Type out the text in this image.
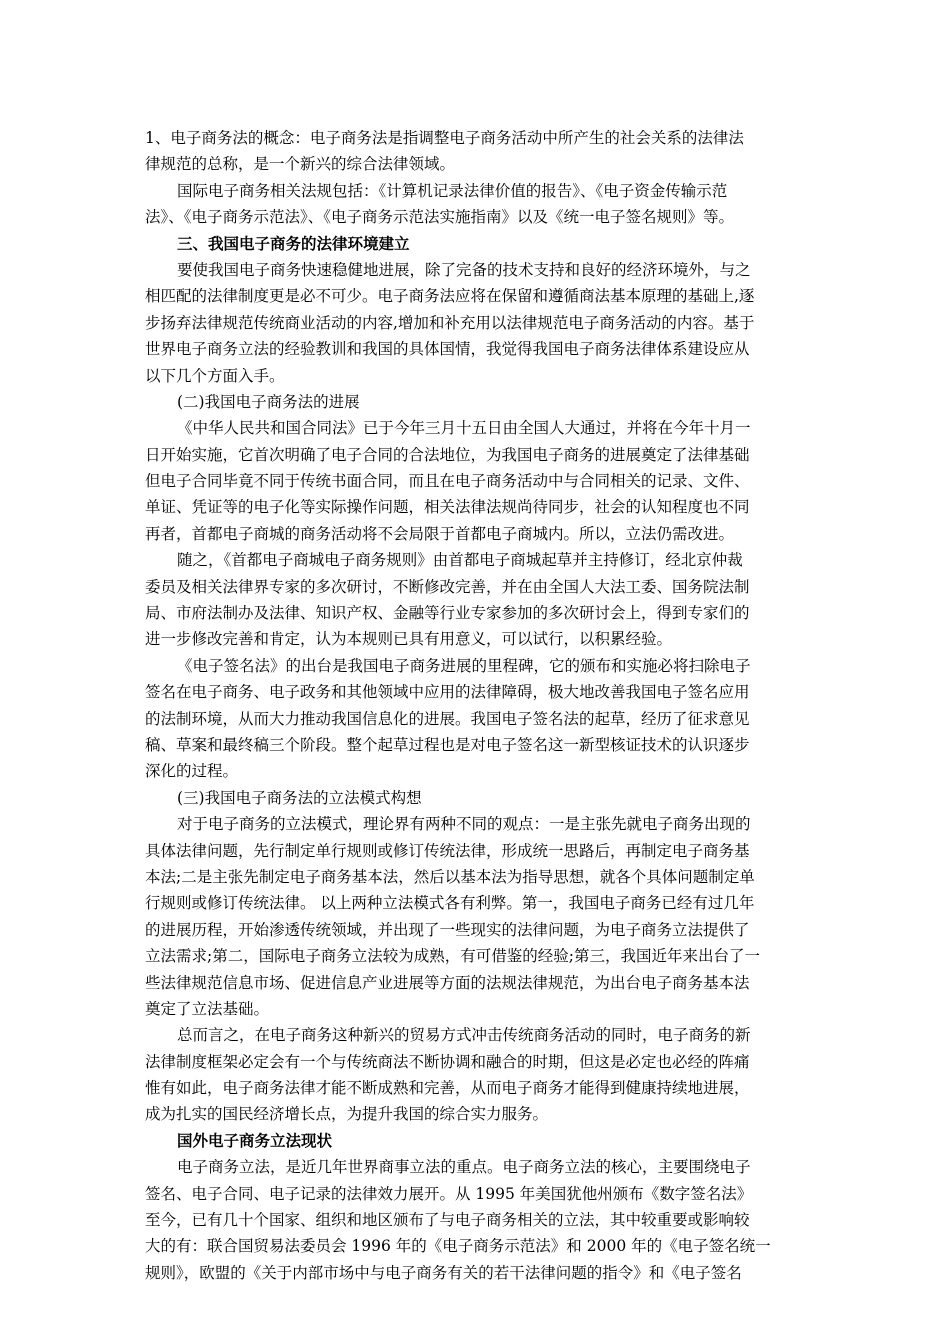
1、电子商务法的概念：电子商务法是指调整电子商务活动中所产生的社会关系的法律法
律规范的总称，是一个新兴的综合法律领域。
国际电子商务相关法规包括：《计算机记录法律价值的报告》、《电子资金传输示范
法》、《电子商务示范法》、《电子商务示范法实施指南》以及《统一电子签名规则》等。
三、我国电子商务的法律环境建立
要使我国电子商务快速稳健地进展，除了完备的技术支持和良好的经济环境外，与之
相匹配的法律制度更是必不可少。电子商务法应将在保留和遵循商法基本原理的基础上,逐
步扬弃法律规范传统商业活动的内容,增加和补充用以法律规范电子商务活动的内容。基于
世界电子商务立法的经验教训和我国的具体国情，我觉得我国电子商务法律体系建设应从
以下几个方面入手。
(二)我国电子商务法的进展
《中华人民共和国合同法》已于今年三月十五日由全国人大通过，并将在今年十月一
日开始实施，它首次明确了电子合同的合法地位，为我国电子商务的进展奠定了法律基础
但电子合同毕竟不同于传统书面合同，而且在电子商务活动中与合同相关的记录、文件、
单证、凭证等的电子化等实际操作问题，相关法律法规尚待同步，社会的认知程度也不同
再者，首都电子商城的商务活动将不会局限于首都电子商城内。所以，立法仍需改进。
随之，《首都电子商城电子商务规则》由首都电子商城起草并主持修订，经北京仲裁
委员及相关法律界专家的多次研讨，不断修改完善，并在由全国人大法工委、国务院法制
局、市府法制办及法律、知识产权、金融等行业专家参加的多次研讨会上，得到专家们的
进一步修改完善和肯定，认为本规则已具有用意义，可以试行，以积累经验。
《电子签名法》的出台是我国电子商务进展的里程碑，它的颁布和实施必将扫除电子
签名在电子商务、电子政务和其他领域中应用的法律障碍，极大地改善我国电子签名应用
的法制环境，从而大力推动我国信息化的进展。我国电子签名法的起草，经历了征求意见
稿、草案和最终稿三个阶段。整个起草过程也是对电子签名这一新型核证技术的认识逐步
深化的过程。
(三)我国电子商务法的立法模式构想
对于电子商务的立法模式，理论界有两种不同的观点：一是主张先就电子商务出现的
具体法律问题，先行制定单行规则或修订传统法律，形成统一思路后，再制定电子商务基
本法;二是主张先制定电子商务基本法，然后以基本法为指导思想，就各个具体问题制定单
行规则或修订传统法律。 以上两种立法模式各有利弊。第一，我国电子商务已经有过几年
的进展历程，开始渗透传统领域，并出现了一些现实的法律问题，为电子商务立法提供了
立法需求;第二，国际电子商务立法较为成熟，有可借鉴的经验;第三，我国近年来出台了一
些法律规范信息市场、促进信息产业进展等方面的法规法律规范，为出台电子商务基本法
奠定了立法基础。
总而言之，在电子商务这种新兴的贸易方式冲击传统商务活动的同时，电子商务的新
法律制度框架必定会有一个与传统商法不断协调和融合的时期，但这是必定也必经的阵痛
惟有如此，电子商务法律才能不断成熟和完善，从而电子商务才能得到健康持续地进展，
成为扎实的国民经济增长点，为提升我国的综合实力服务。
国外电子商务立法现状
电子商务立法，是近几年世界商事立法的重点。电子商务立法的核心，主要围绕电子
签名、电子合同、电子记录的法律效力展开。从 1995 年美国犹他州颁布《数字签名法》
至今，已有几十个国家、组织和地区颁布了与电子商务相关的立法，其中较重要或影响较
大的有：联合国贸易法委员会 1996 年的《电子商务示范法》和 2000 年的《电子签名统一
规则》，欧盟的《关于内部市场中与电子商务有关的若干法律问题的指令》和《电子签名
